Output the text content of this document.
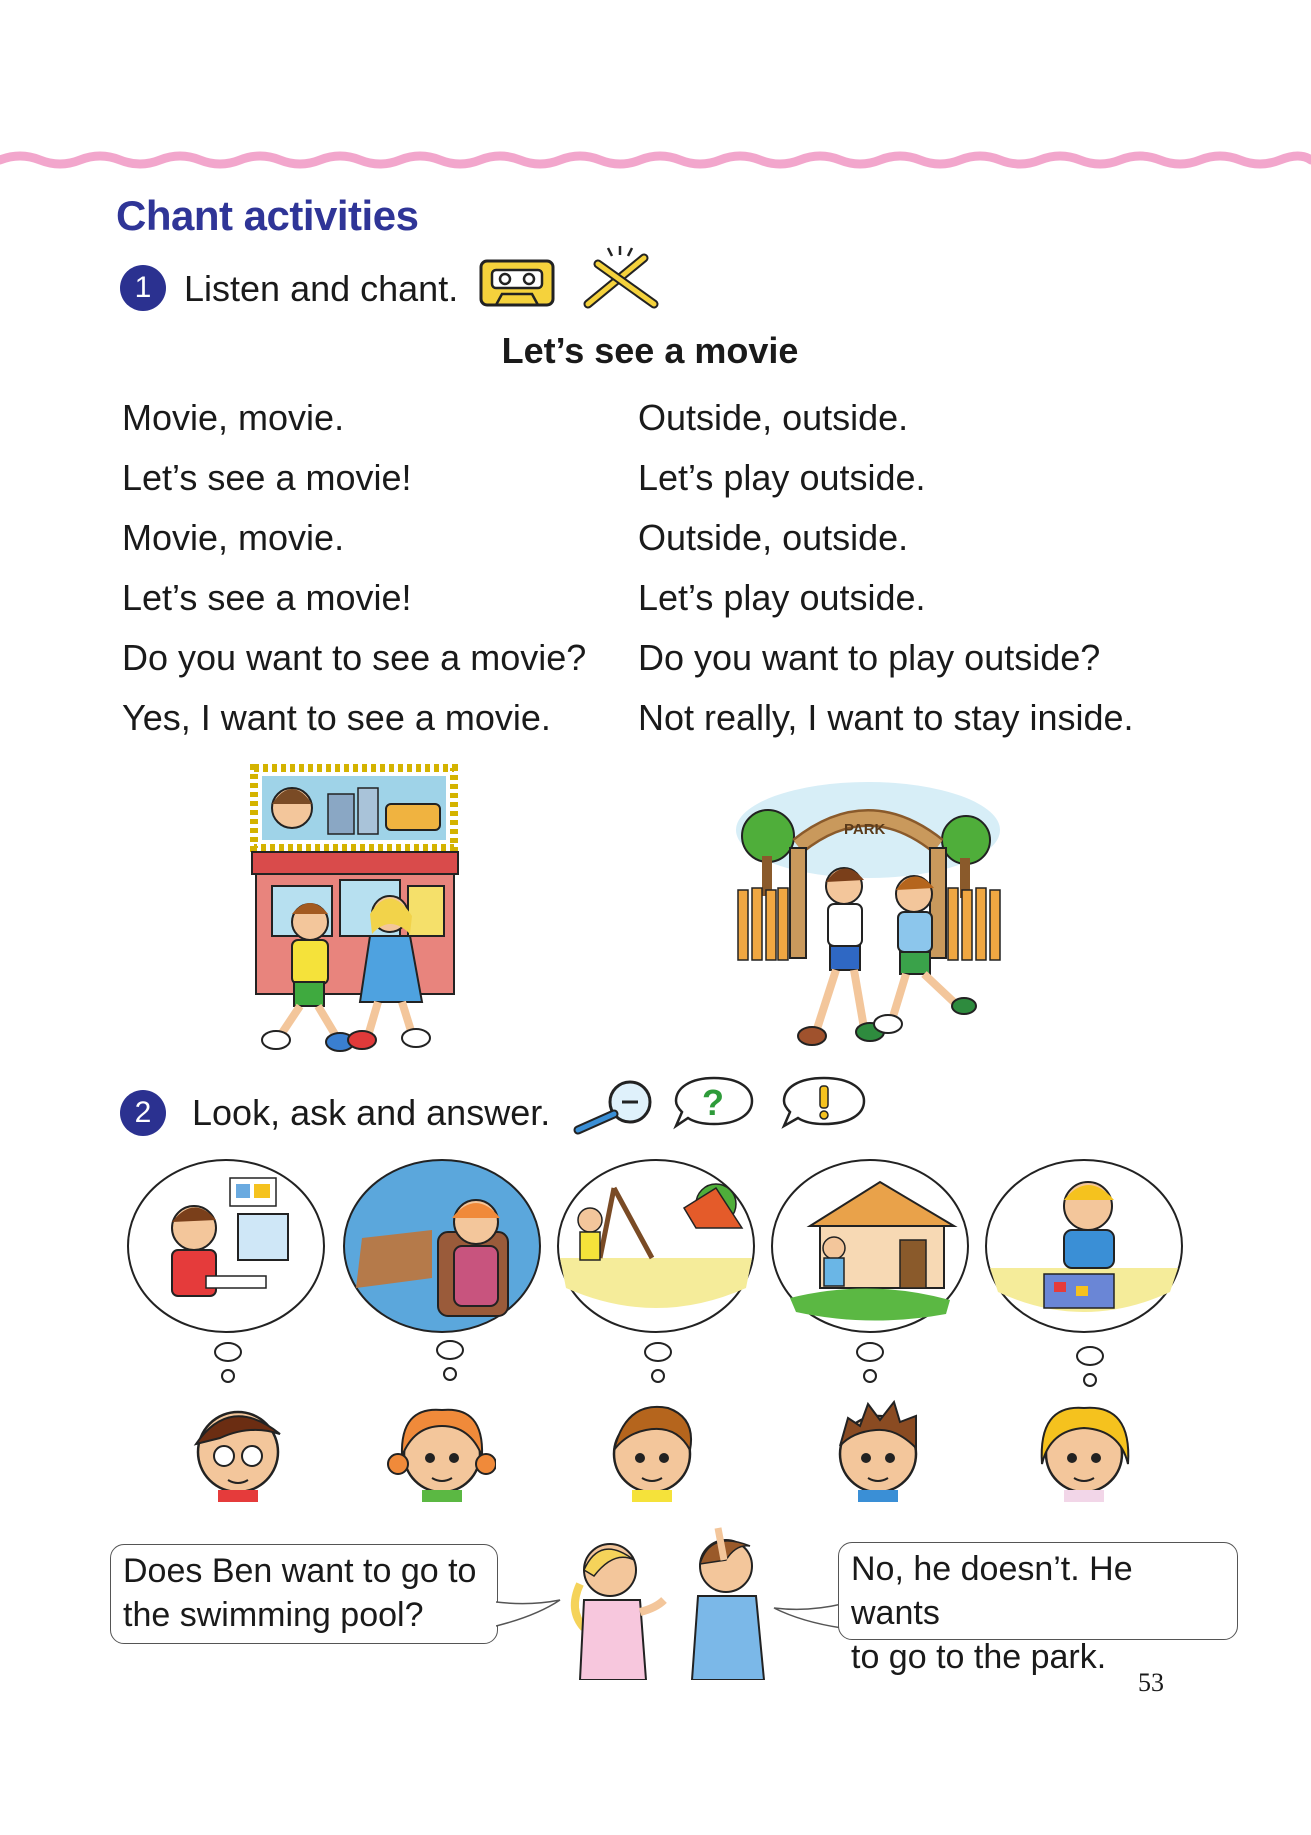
Chant activities
1 Listen and chant.
Let’s see a movie
Movie, movie.
Let’s see a movie!
Movie, movie.
Let’s see a movie!
Do you want to see a movie?
Yes, I want to see a movie.
Outside, outside.
Let’s play outside.
Outside, outside.
Let’s play outside.
Do you want to play outside?
Not really, I want to stay inside.
PARK
2	Look, ask and answer.	?
Does Ben want to go to
the swimming pool?
No, he doesn’t. He wants
to go to the park.
53
